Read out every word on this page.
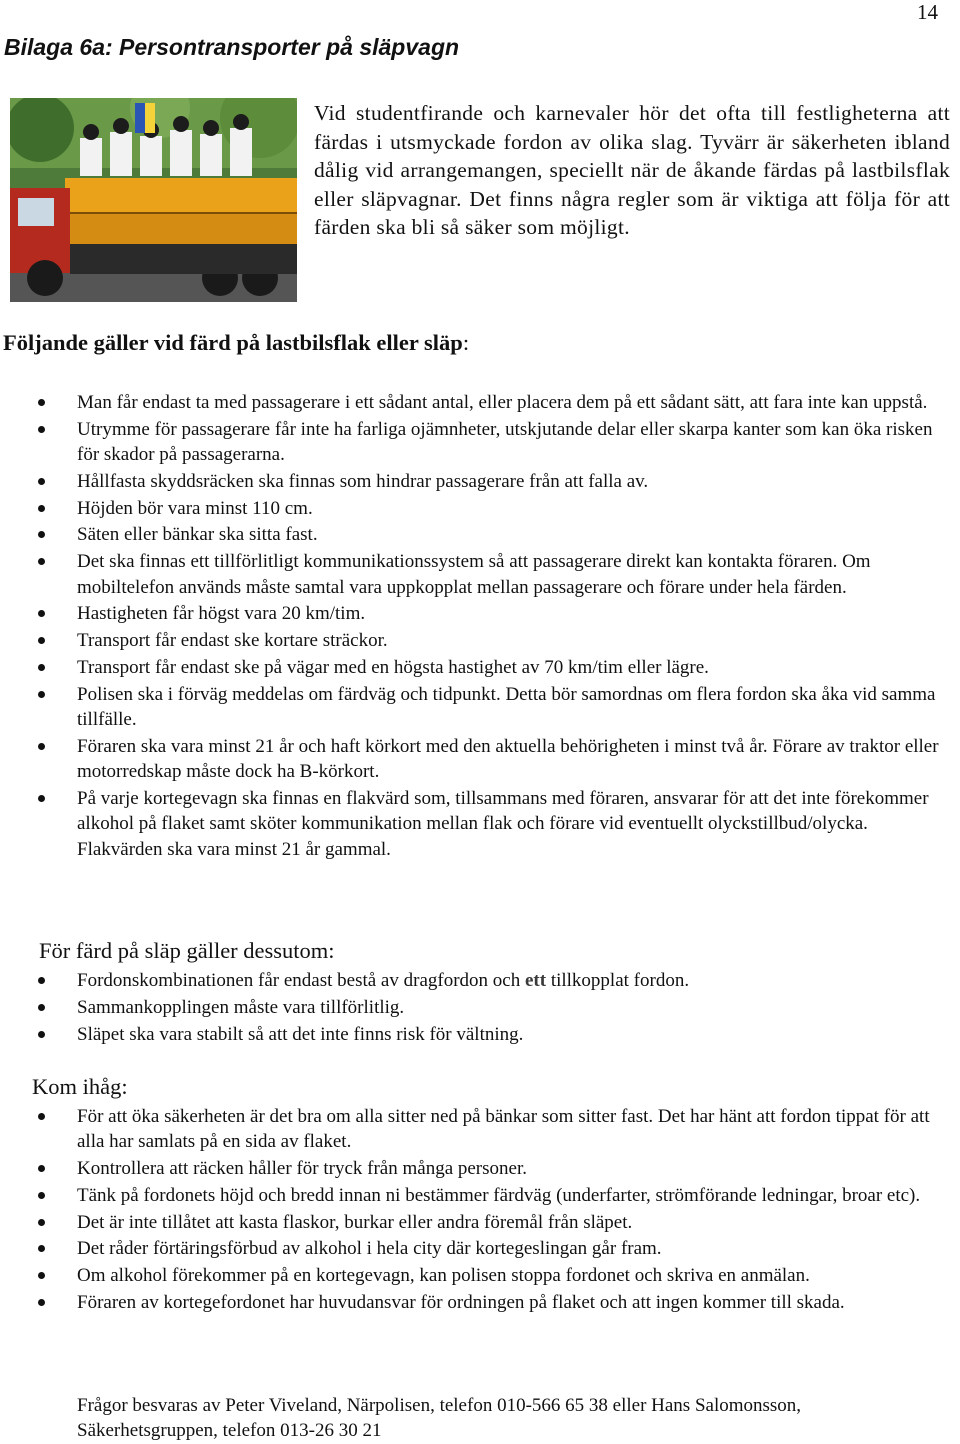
14
Bilaga 6a: Persontransporter på släpvagn

Vid studentfirande och karnevaler hör det ofta till festligheterna att färdas i utsmyckade fordon av olika slag. Tyvärr är säkerheten ibland dålig vid arrangemangen, speciellt när de åkande färdas på lastbilsflak eller släpvagnar. Det finns några regler som är viktiga att följa för att färden ska bli så säker som möjligt.

Följande gäller vid färd på lastbilsflak eller släp:
Man får endast ta med passagerare i ett sådant antal, eller placera dem på ett sådant sätt, att fara inte kan uppstå.
Utrymme för passagerare får inte ha farliga ojämnheter, utskjutande delar eller skarpa kanter som kan öka risken för skador på passagerarna.
Hållfasta skyddsräcken ska finnas som hindrar passagerare från att falla av.
Höjden bör vara minst 110 cm.
Säten eller bänkar ska sitta fast.
Det ska finnas ett tillförlitligt kommunikationssystem så att passagerare direkt kan kontakta föraren. Om mobiltelefon används måste samtal vara uppkopplat mellan passagerare och förare under hela färden.
Hastigheten får högst vara 20 km/tim.
Transport får endast ske kortare sträckor.
Transport får endast ske på vägar med en högsta hastighet av 70 km/tim eller lägre.
Polisen ska i förväg meddelas om färdväg och tidpunkt. Detta bör samordnas om flera fordon ska åka vid samma tillfälle.
Föraren ska vara minst 21 år och haft körkort med den aktuella behörigheten i minst två år. Förare av traktor eller motorredskap måste dock ha B-körkort.
På varje kortegevagn ska finnas en flakvärd som, tillsammans med föraren, ansvarar för att det inte förekommer alkohol på flaket samt sköter kommunikation mellan flak och förare vid eventuellt olyckstillbud/olycka. Flakvärden ska vara minst 21 år gammal.
För färd på släp gäller dessutom:
Fordonskombinationen får endast bestå av dragfordon och ett tillkopplat fordon.
Sammankopplingen måste vara tillförlitlig.
Släpet ska vara stabilt så att det inte finns risk för vältning.
Kom ihåg:
För att öka säkerheten är det bra om alla sitter ned på bänkar som sitter fast. Det har hänt att fordon tippat för att alla har samlats på en sida av flaket.
Kontrollera att räcken håller för tryck från många personer.
Tänk på fordonets höjd och bredd innan ni bestämmer färdväg (underfarter, strömförande ledningar, broar etc).
Det är inte tillåtet att kasta flaskor, burkar eller andra föremål från släpet.
Det råder förtäringsförbud av alkohol i hela city där kortegeslingan går fram.
Om alkohol förekommer på en kortegevagn, kan polisen stoppa fordonet och skriva en anmälan.
Föraren av kortegefordonet har huvudansvar för ordningen på flaket och att ingen kommer till skada.

Frågor besvaras av Peter Viveland, Närpolisen, telefon 010-566 65 38 eller Hans Salomonsson, Säkerhetsgruppen, telefon 013-26 30 21
